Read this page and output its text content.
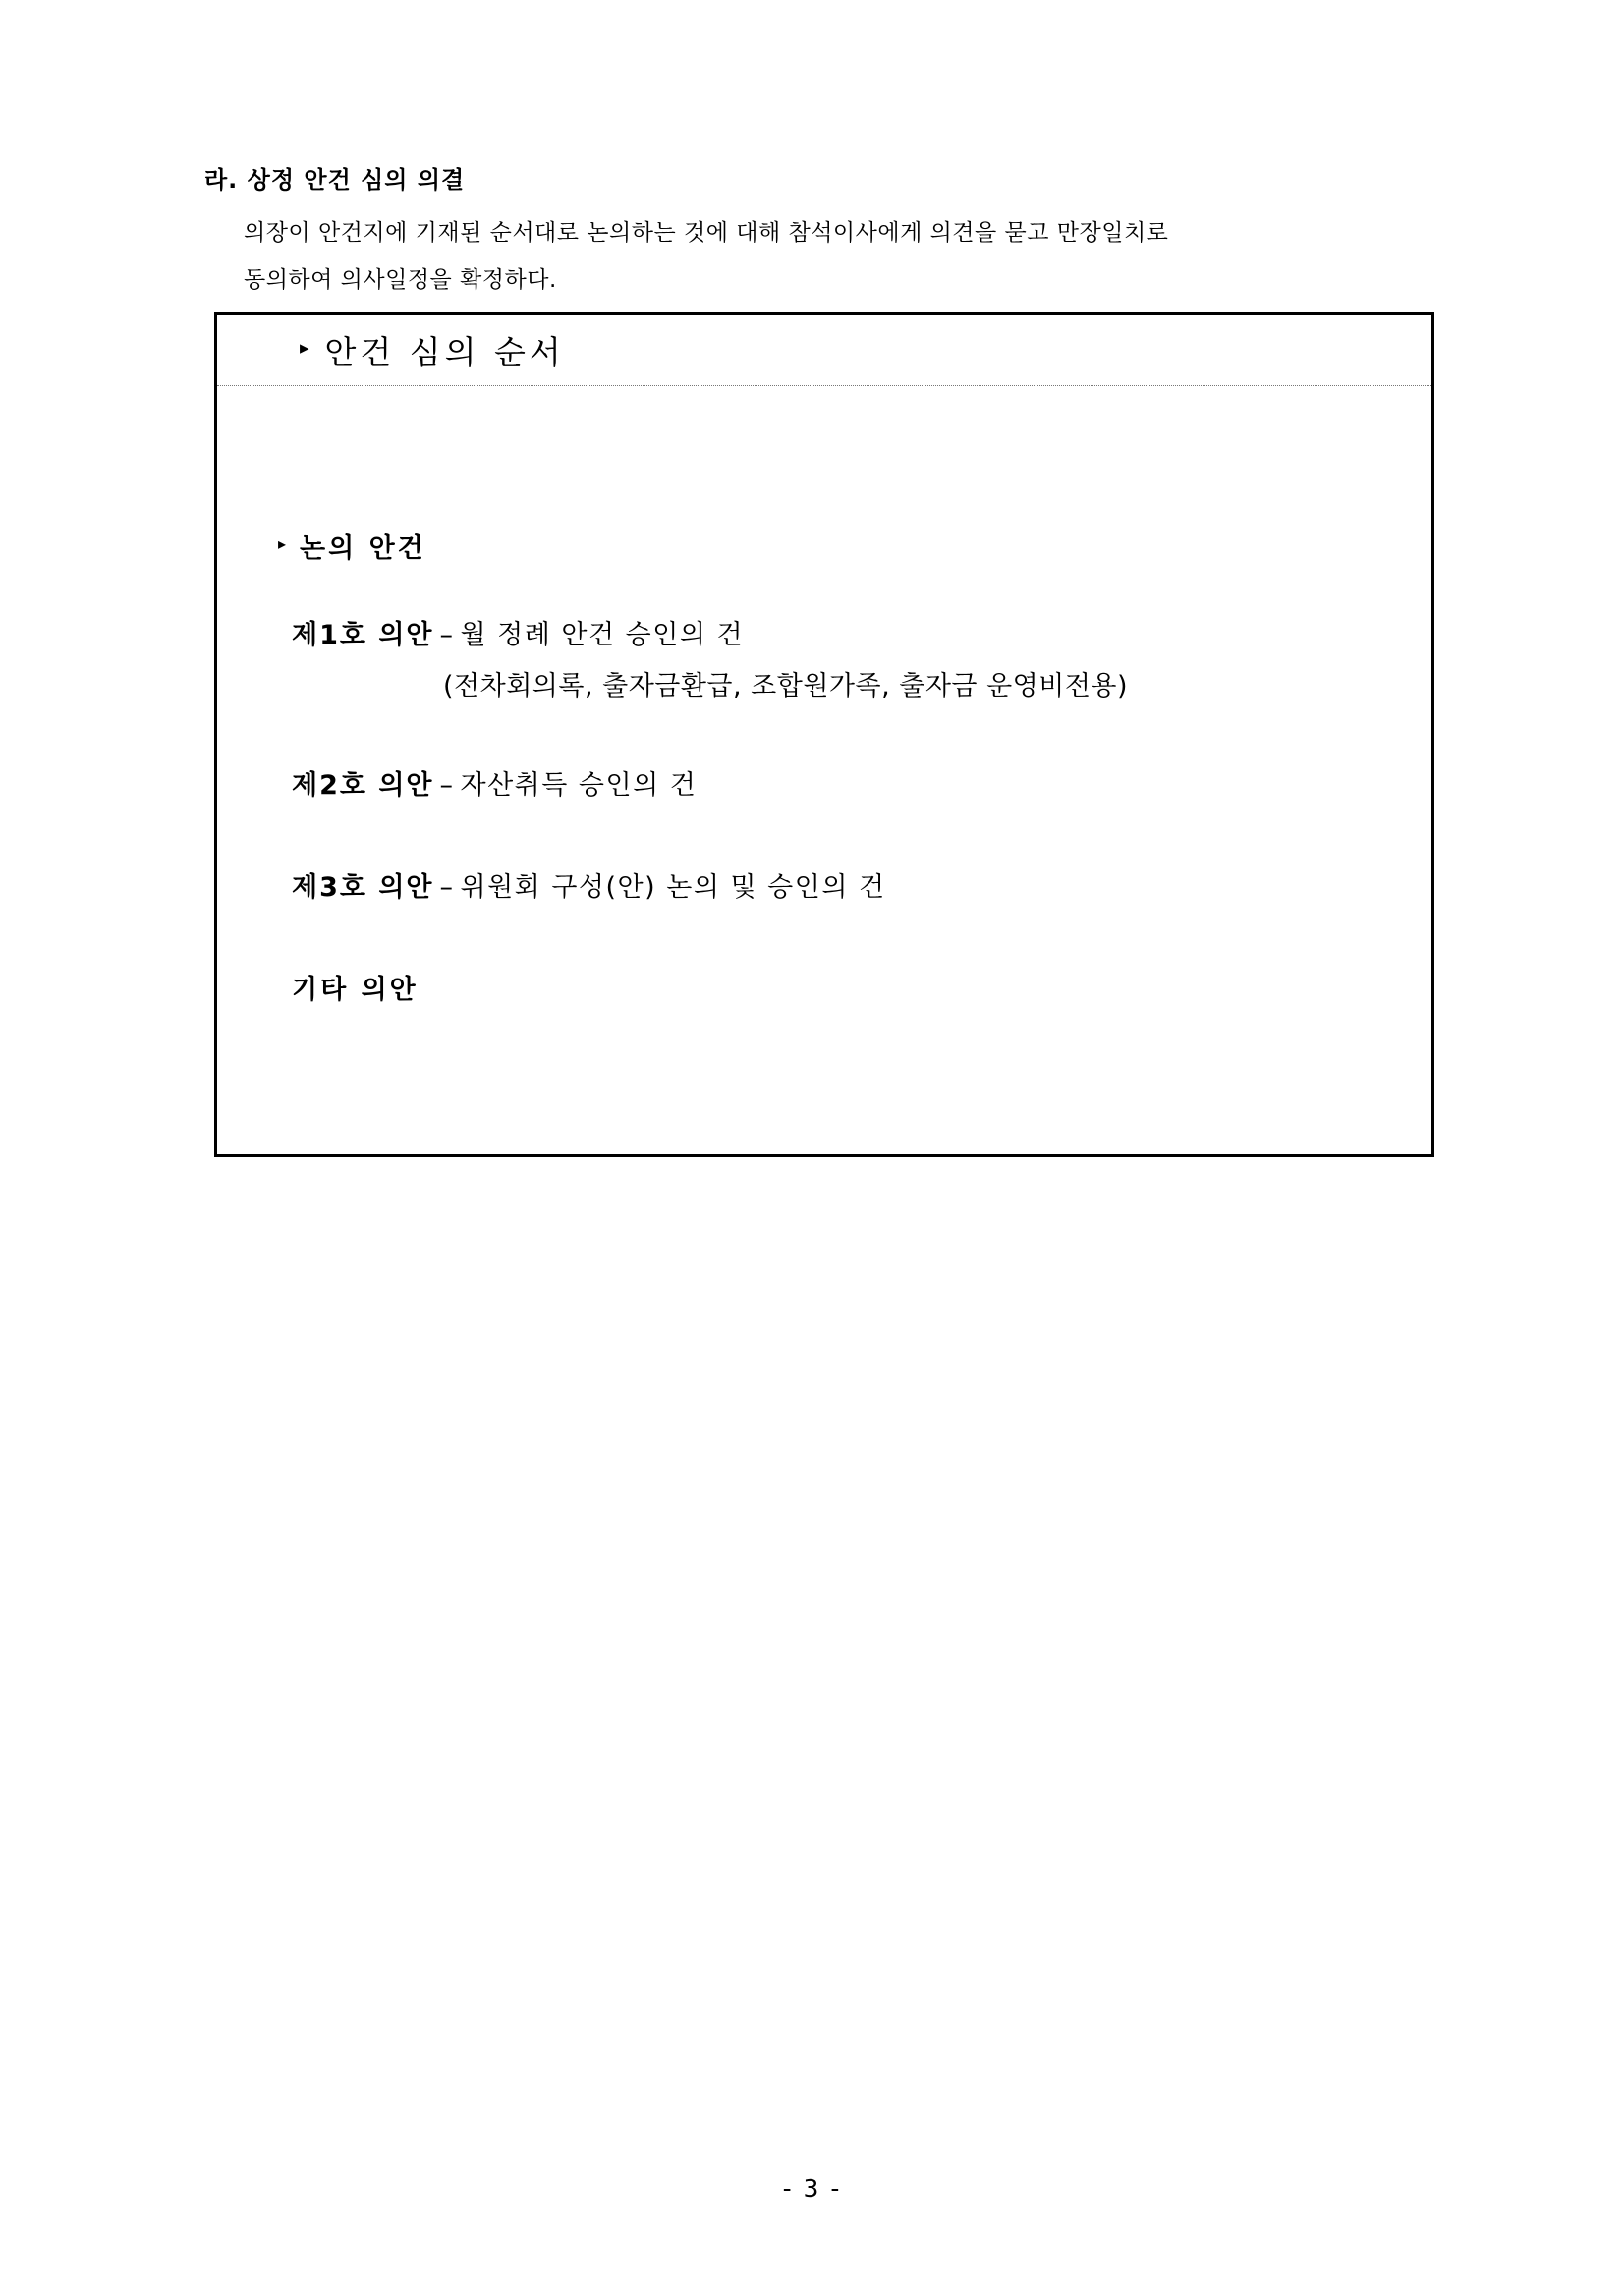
라. 상정 안건 심의 의결
의장이 안건지에 기재된 순서대로 논의하는 것에 대해 참석이사에게 의견을 묻고 만장일치로
동의하여 의사일정을 확정하다.
▸ 안건 심의 순서
▸ 논의 안건
제1호 의안 – 월 정례 안건 승인의 건
(전차회의록, 출자금환급, 조합원가족, 출자금 운영비전용)
제2호 의안 – 자산취득 승인의 건
제3호 의안 – 위원회 구성(안) 논의 및 승인의 건
기타 의안
- 3 -
